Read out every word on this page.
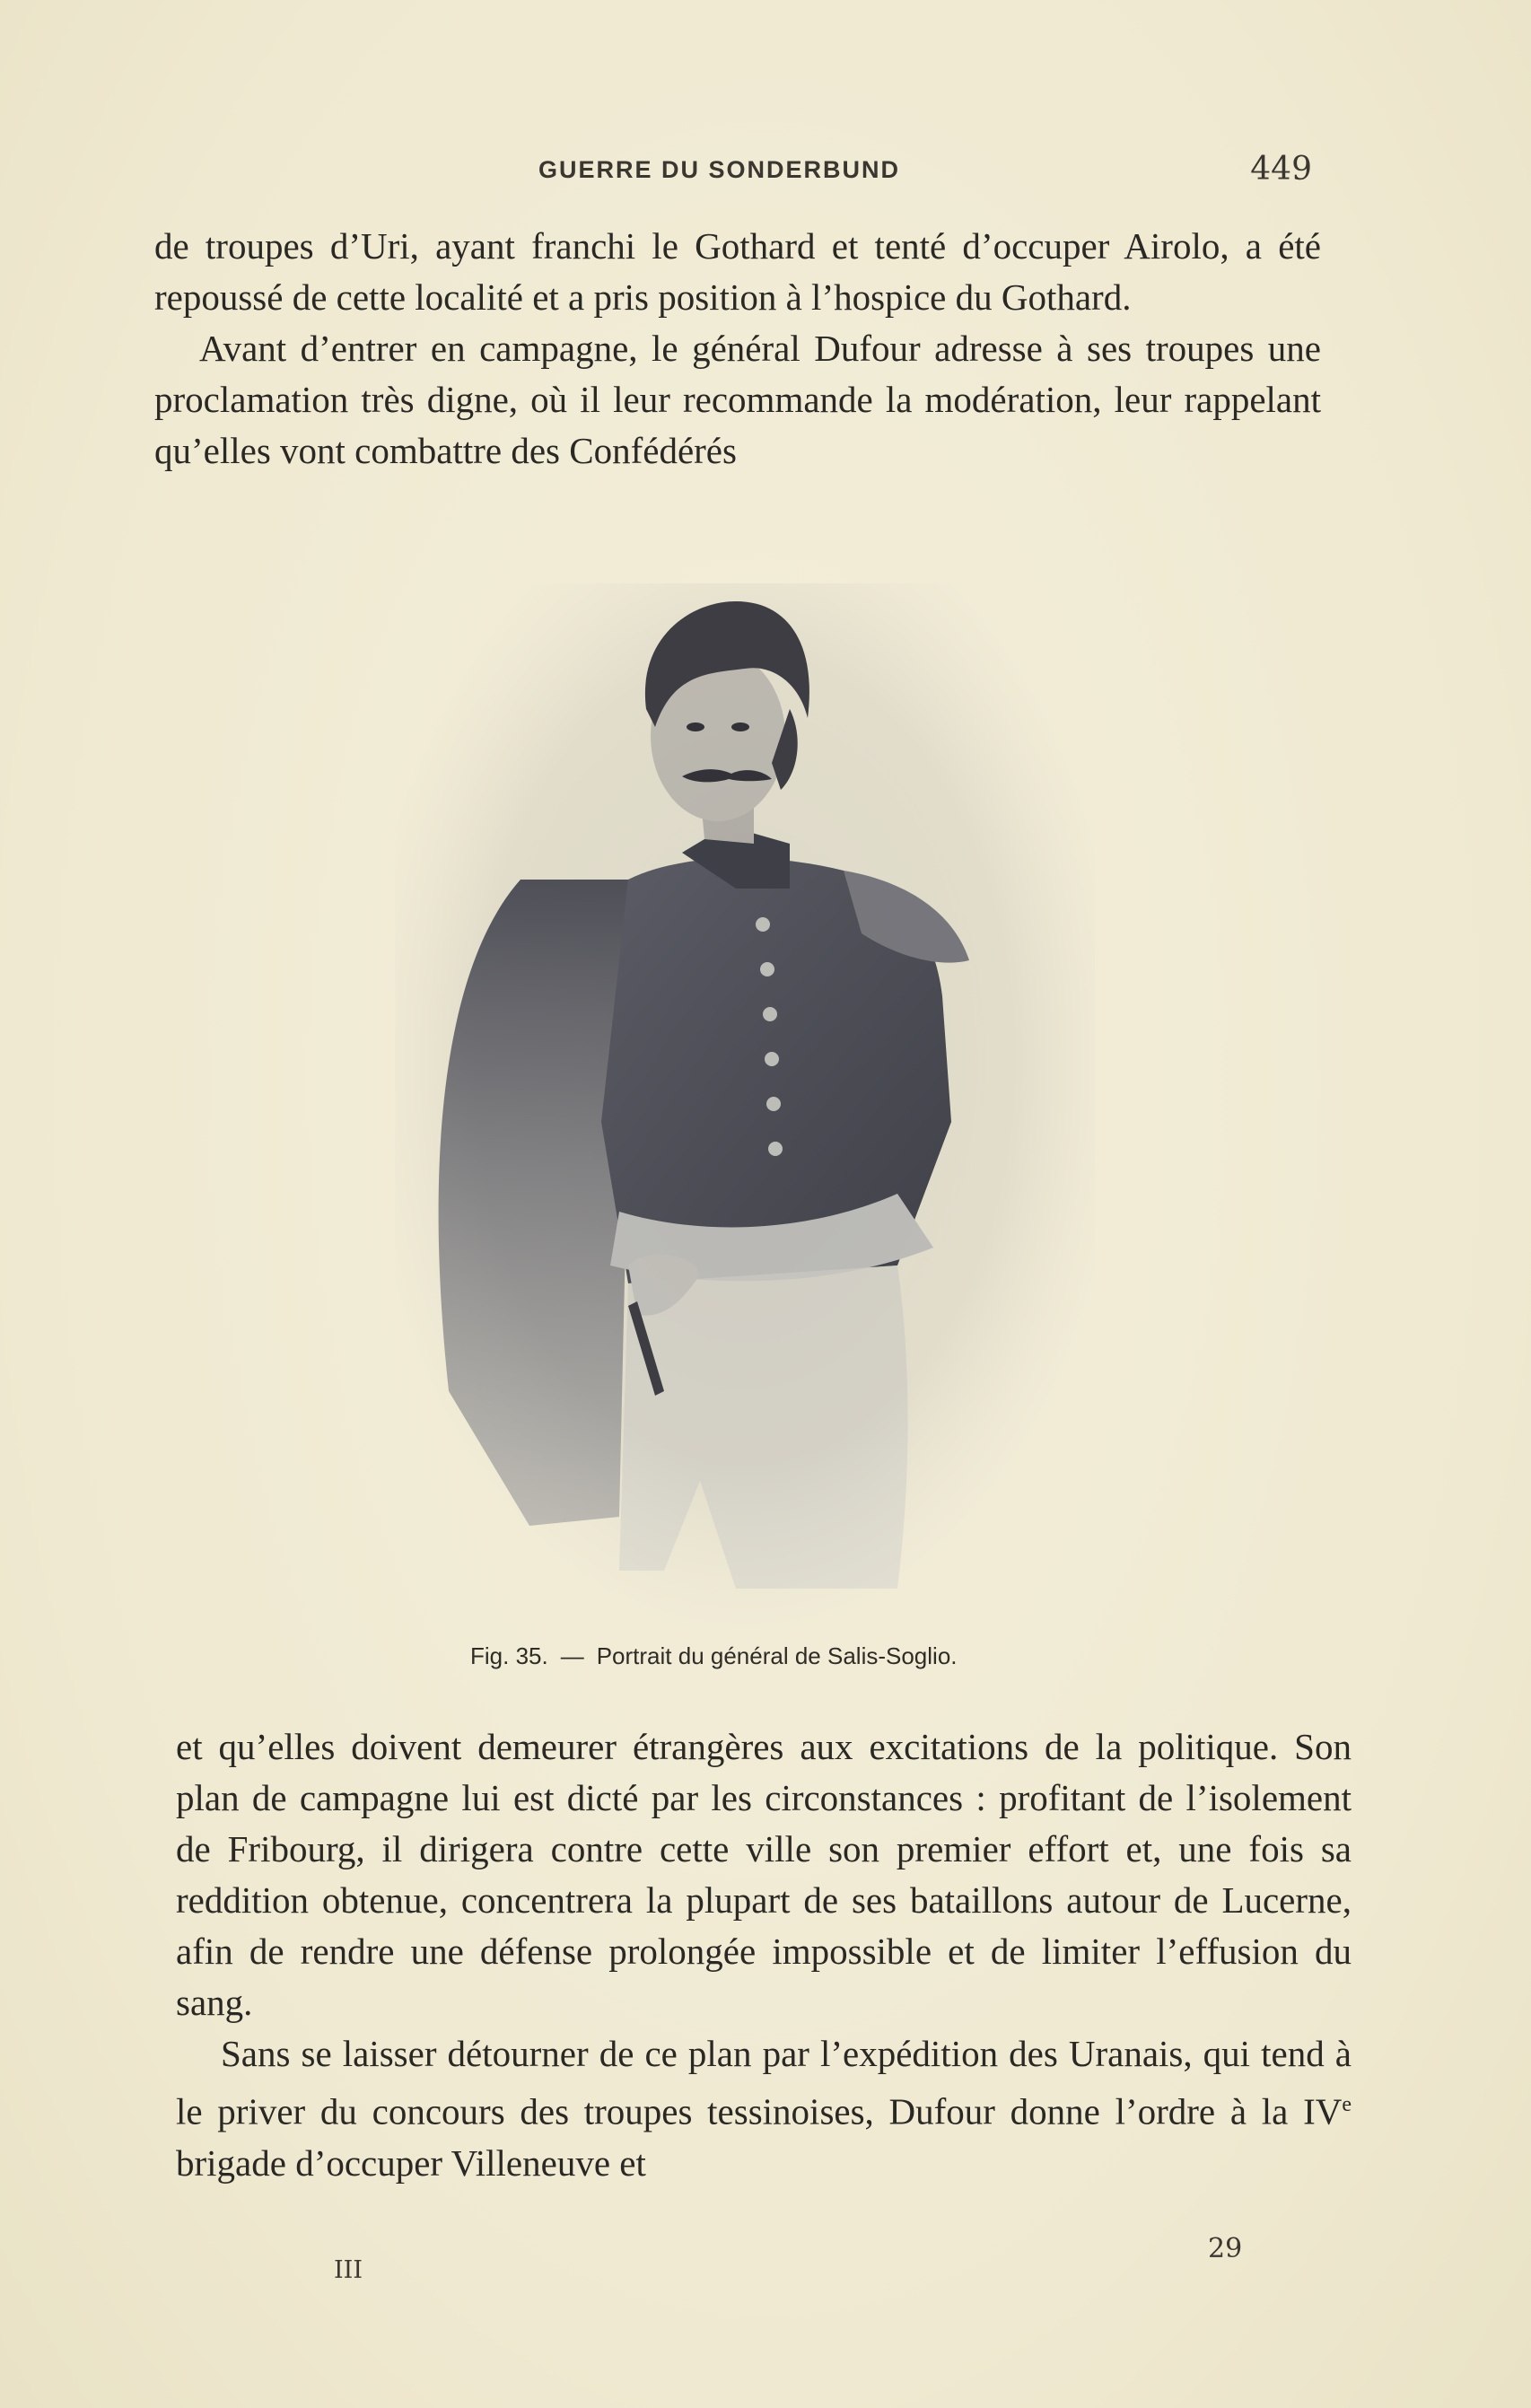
GUERRE DU SONDERBUND	449

de troupes d’Uri, ayant franchi le Gothard et tenté d’occuper Airolo, a été repoussé de cette localité et a pris position à l’hospice du Gothard.

Avant d’entrer en campagne, le général Dufour adresse à ses troupes une proclamation très digne, où il leur recommande la modération, leur rappelant qu’elles vont combattre des Confédérés

Fig. 35. — Portrait du général de Salis-Soglio.

et qu’elles doivent demeurer étrangères aux excitations de la politique. Son plan de campagne lui est dicté par les circonstances : profitant de l’isolement de Fribourg, il dirigera contre cette ville son premier effort et, une fois sa reddition obtenue, concentrera la plupart de ses bataillons autour de Lucerne, afin de rendre une défense prolongée impossible et de limiter l’effusion du sang.

Sans se laisser détourner de ce plan par l’expédition des Uranais, qui tend à le priver du concours des troupes tessinoises, Dufour donne l’ordre à la IVe brigade d’occuper Villeneuve et

III
29
